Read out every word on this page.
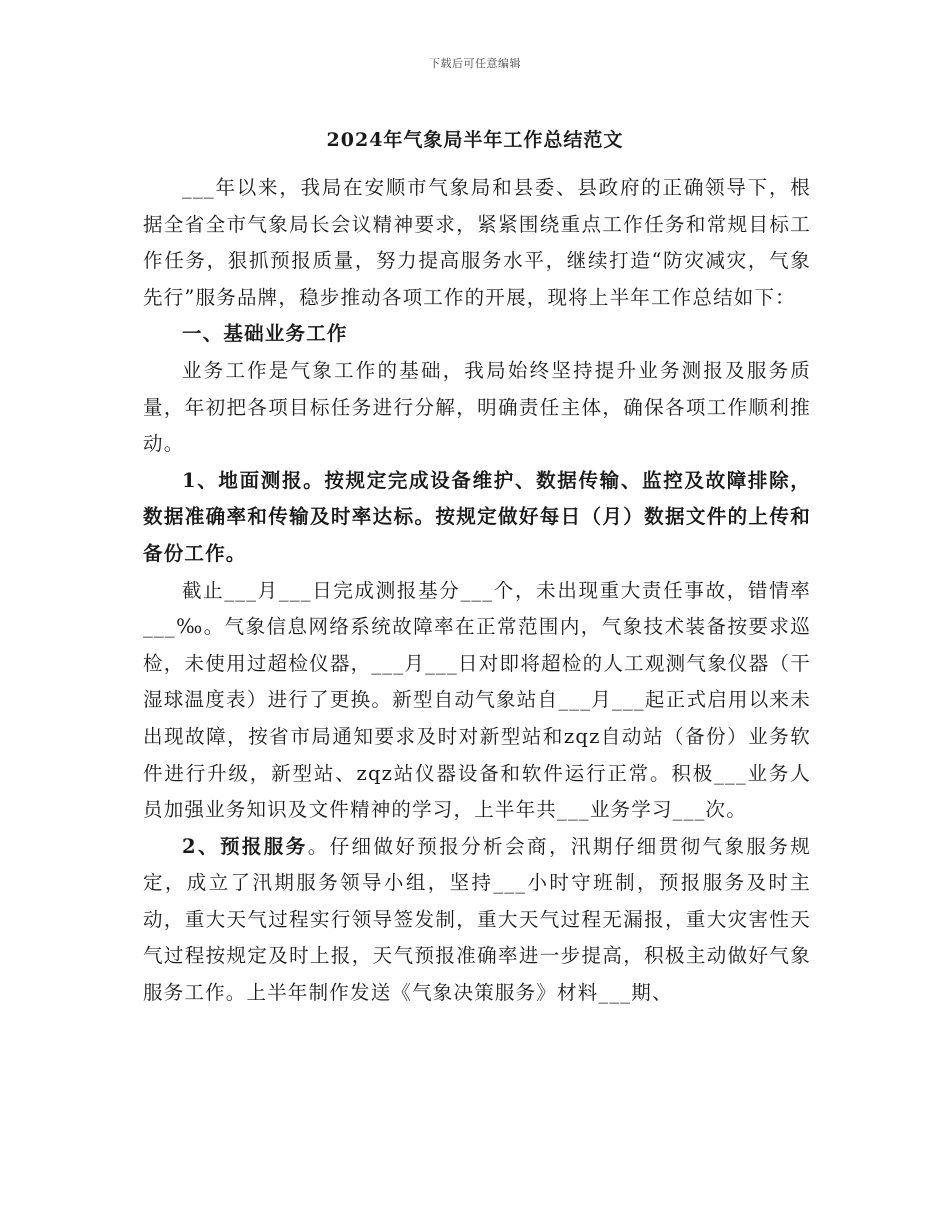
下载后可任意编辑
2024年气象局半年工作总结范文

___年以来，我局在安顺市气象局和县委、县政府的正确领导下，根据全省全市气象局长会议精神要求，紧紧围绕重点工作任务和常规目标工作任务，狠抓预报质量，努力提高服务水平，继续打造“防灾减灾，气象先行”服务品牌，稳步推动各项工作的开展，现将上半年工作总结如下：

一、基础业务工作

业务工作是气象工作的基础，我局始终坚持提升业务测报及服务质量，年初把各项目标任务进行分解，明确责任主体，确保各项工作顺利推动。

1、地面测报。按规定完成设备维护、数据传输、监控及故障排除，数据准确率和传输及时率达标。按规定做好每日（月）数据文件的上传和备份工作。

截止___月___日完成测报基分___个，未出现重大责任事故，错情率___‰。气象信息网络系统故障率在正常范围内，气象技术装备按要求巡检，未使用过超检仪器，___月___日对即将超检的人工观测气象仪器（干湿球温度表）进行了更换。新型自动气象站自___月___起正式启用以来未出现故障，按省市局通知要求及时对新型站和zqz自动站（备份）业务软件进行升级，新型站、zqz站仪器设备和软件运行正常。积极___业务人员加强业务知识及文件精神的学习，上半年共___业务学习___次。

2、预报服务。仔细做好预报分析会商，汛期仔细贯彻气象服务规定，成立了汛期服务领导小组，坚持___小时守班制，预报服务及时主动，重大天气过程实行领导签发制，重大天气过程无漏报，重大灾害性天气过程按规定及时上报，天气预报准确率进一步提高，积极主动做好气象服务工作。上半年制作发送《气象决策服务》材料___期、
